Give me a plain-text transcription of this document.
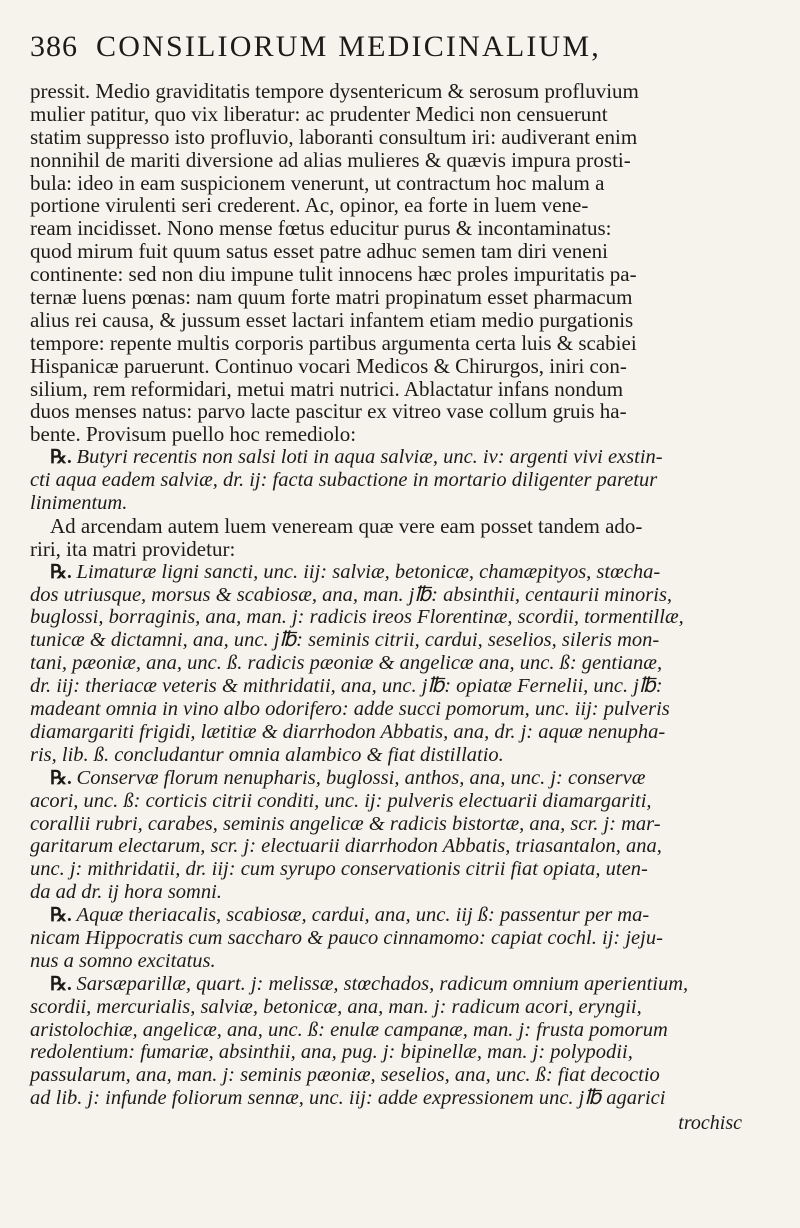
386 CONSILIORUM MEDICINALIUM,
pressit. Medio graviditatis tempore dysentericum & serosum profluvium
mulier patitur, quo vix liberatur: ac prudenter Medici non censuerunt
statim suppresso isto profluvio, laboranti consultum iri: audiverant enim
nonnihil de mariti diversione ad alias mulieres & quævis impura prosti-
bula: ideo in eam suspicionem venerunt, ut contractum hoc malum a
portione virulenti seri crederent. Ac, opinor, ea forte in luem vene-
ream incidisset. Nono mense fœtus educitur purus & incontaminatus:
quod mirum fuit quum satus esset patre adhuc semen tam diri veneni
continente: sed non diu impune tulit innocens hæc proles impuritatis pa-
ternæ luens pœnas: nam quum forte matri propinatum esset pharmacum
alius rei causa, & jussum esset lactari infantem etiam medio purgationis
tempore: repente multis corporis partibus argumenta certa luis & scabiei
Hispanicæ paruerunt. Continuo vocari Medicos & Chirurgos, iniri con-
silium, rem reformidari, metui matri nutrici. Ablactatur infans nondum
duos menses natus: parvo lacte pascitur ex vitreo vase collum gruis ha-
bente. Provisum puello hoc remediolo:
℞. Butyri recentis non salsi loti in aqua salviæ, unc. iv: argenti vivi exstin-
cti aqua eadem salviæ, dr. ij: facta subactione in mortario diligenter paretur
linimentum.
Ad arcendam autem luem veneream quæ vere eam posset tandem ado-
riri, ita matri providetur:
℞. Limaturæ ligni sancti, unc. iij: salviæ, betonicæ, chamæpityos, stœcha-
dos utriusque, morsus & scabiosæ, ana, man. j℔: absinthii, centaurii minoris,
buglossi, borraginis, ana, man. j: radicis ireos Florentinæ, scordii, tormentillæ,
tunicæ & dictamni, ana, unc. j℔: seminis citrii, cardui, seselios, sileris mon-
tani, pæoniæ, ana, unc. ß. radicis pæoniæ & angelicæ ana, unc. ß: gentianæ,
dr. iij: theriacæ veteris & mithridatii, ana, unc. j℔: opiatæ Fernelii, unc. j℔:
madeant omnia in vino albo odorifero: adde succi pomorum, unc. iij: pulveris
diamargariti frigidi, lætitiæ & diarrhodon Abbatis, ana, dr. j: aquæ nenupha-
ris, lib. ß. concludantur omnia alambico & fiat distillatio.
℞. Conservæ florum nenupharis, buglossi, anthos, ana, unc. j: conservæ
acori, unc. ß: corticis citrii conditi, unc. ij: pulveris electuarii diamargariti,
corallii rubri, carabes, seminis angelicæ & radicis bistortæ, ana, scr. j: mar-
garitarum electarum, scr. j: electuarii diarrhodon Abbatis, triasantalon, ana,
unc. j: mithridatii, dr. iij: cum syrupo conservationis citrii fiat opiata, uten-
da ad dr. ij hora somni.
℞. Aquæ theriacalis, scabiosæ, cardui, ana, unc. iij ß: passentur per ma-
nicam Hippocratis cum saccharo & pauco cinnamomo: capiat cochl. ij: jeju-
nus a somno excitatus.
℞. Sarsæparillæ, quart. j: melissæ, stœchados, radicum omnium aperientium,
scordii, mercurialis, salviæ, betonicæ, ana, man. j: radicum acori, eryngii,
aristolochiæ, angelicæ, ana, unc. ß: enulæ campanæ, man. j: frusta pomorum
redolentium: fumariæ, absinthii, ana, pug. j: bipinellæ, man. j: polypodii,
passularum, ana, man. j: seminis pæoniæ, seselios, ana, unc. ß: fiat decoctio
ad lib. j: infunde foliorum sennæ, unc. iij: adde expressionem unc. j℔ agarici
trochisc
